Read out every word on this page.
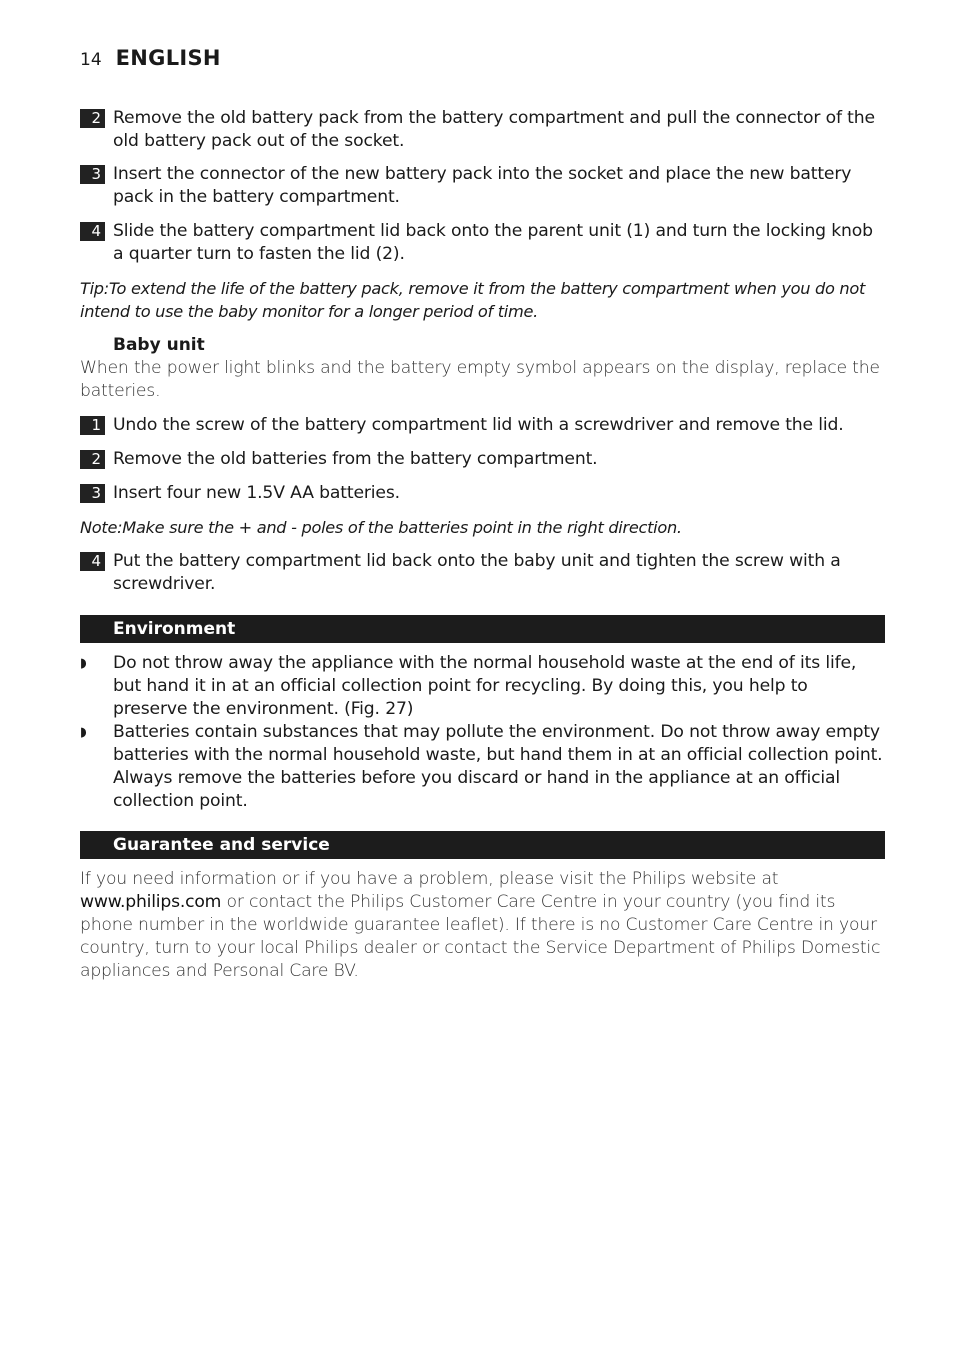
14 ENGLISH
2 Remove the old battery pack from the battery compartment and pull the connector of the old battery pack out of the socket.
3 Insert the connector of the new battery pack into the socket and place the new battery pack in the battery compartment.
4 Slide the battery compartment lid back onto the parent unit (1) and turn the locking knob a quarter turn to fasten the lid (2).
Tip:To extend the life of the battery pack, remove it from the battery compartment when you do not intend to use the baby monitor for a longer period of time.
Baby unit
When the power light blinks and the battery empty symbol appears on the display, replace the batteries.
1 Undo the screw of the battery compartment lid with a screwdriver and remove the lid.
2 Remove the old batteries from the battery compartment.
3 Insert four new 1.5V AA batteries.
Note:Make sure the + and - poles of the batteries point in the right direction.
4 Put the battery compartment lid back onto the baby unit and tighten the screw with a screwdriver.
Environment
◗	Do not throw away the appliance with the normal household waste at the end of its life, but hand it in at an official collection point for recycling. By doing this, you help to preserve the environment. (Fig. 27)
◗	Batteries contain substances that may pollute the environment. Do not throw away empty batteries with the normal household waste, but hand them in at an official collection point. Always remove the batteries before you discard or hand in the appliance at an official collection point.
Guarantee and service
If you need information or if you have a problem, please visit the Philips website at www.philips.com or contact the Philips Customer Care Centre in your country (you find its phone number in the worldwide guarantee leaflet). If there is no Customer Care Centre in your country, turn to your local Philips dealer or contact the Service Department of Philips Domestic appliances and Personal Care BV.
